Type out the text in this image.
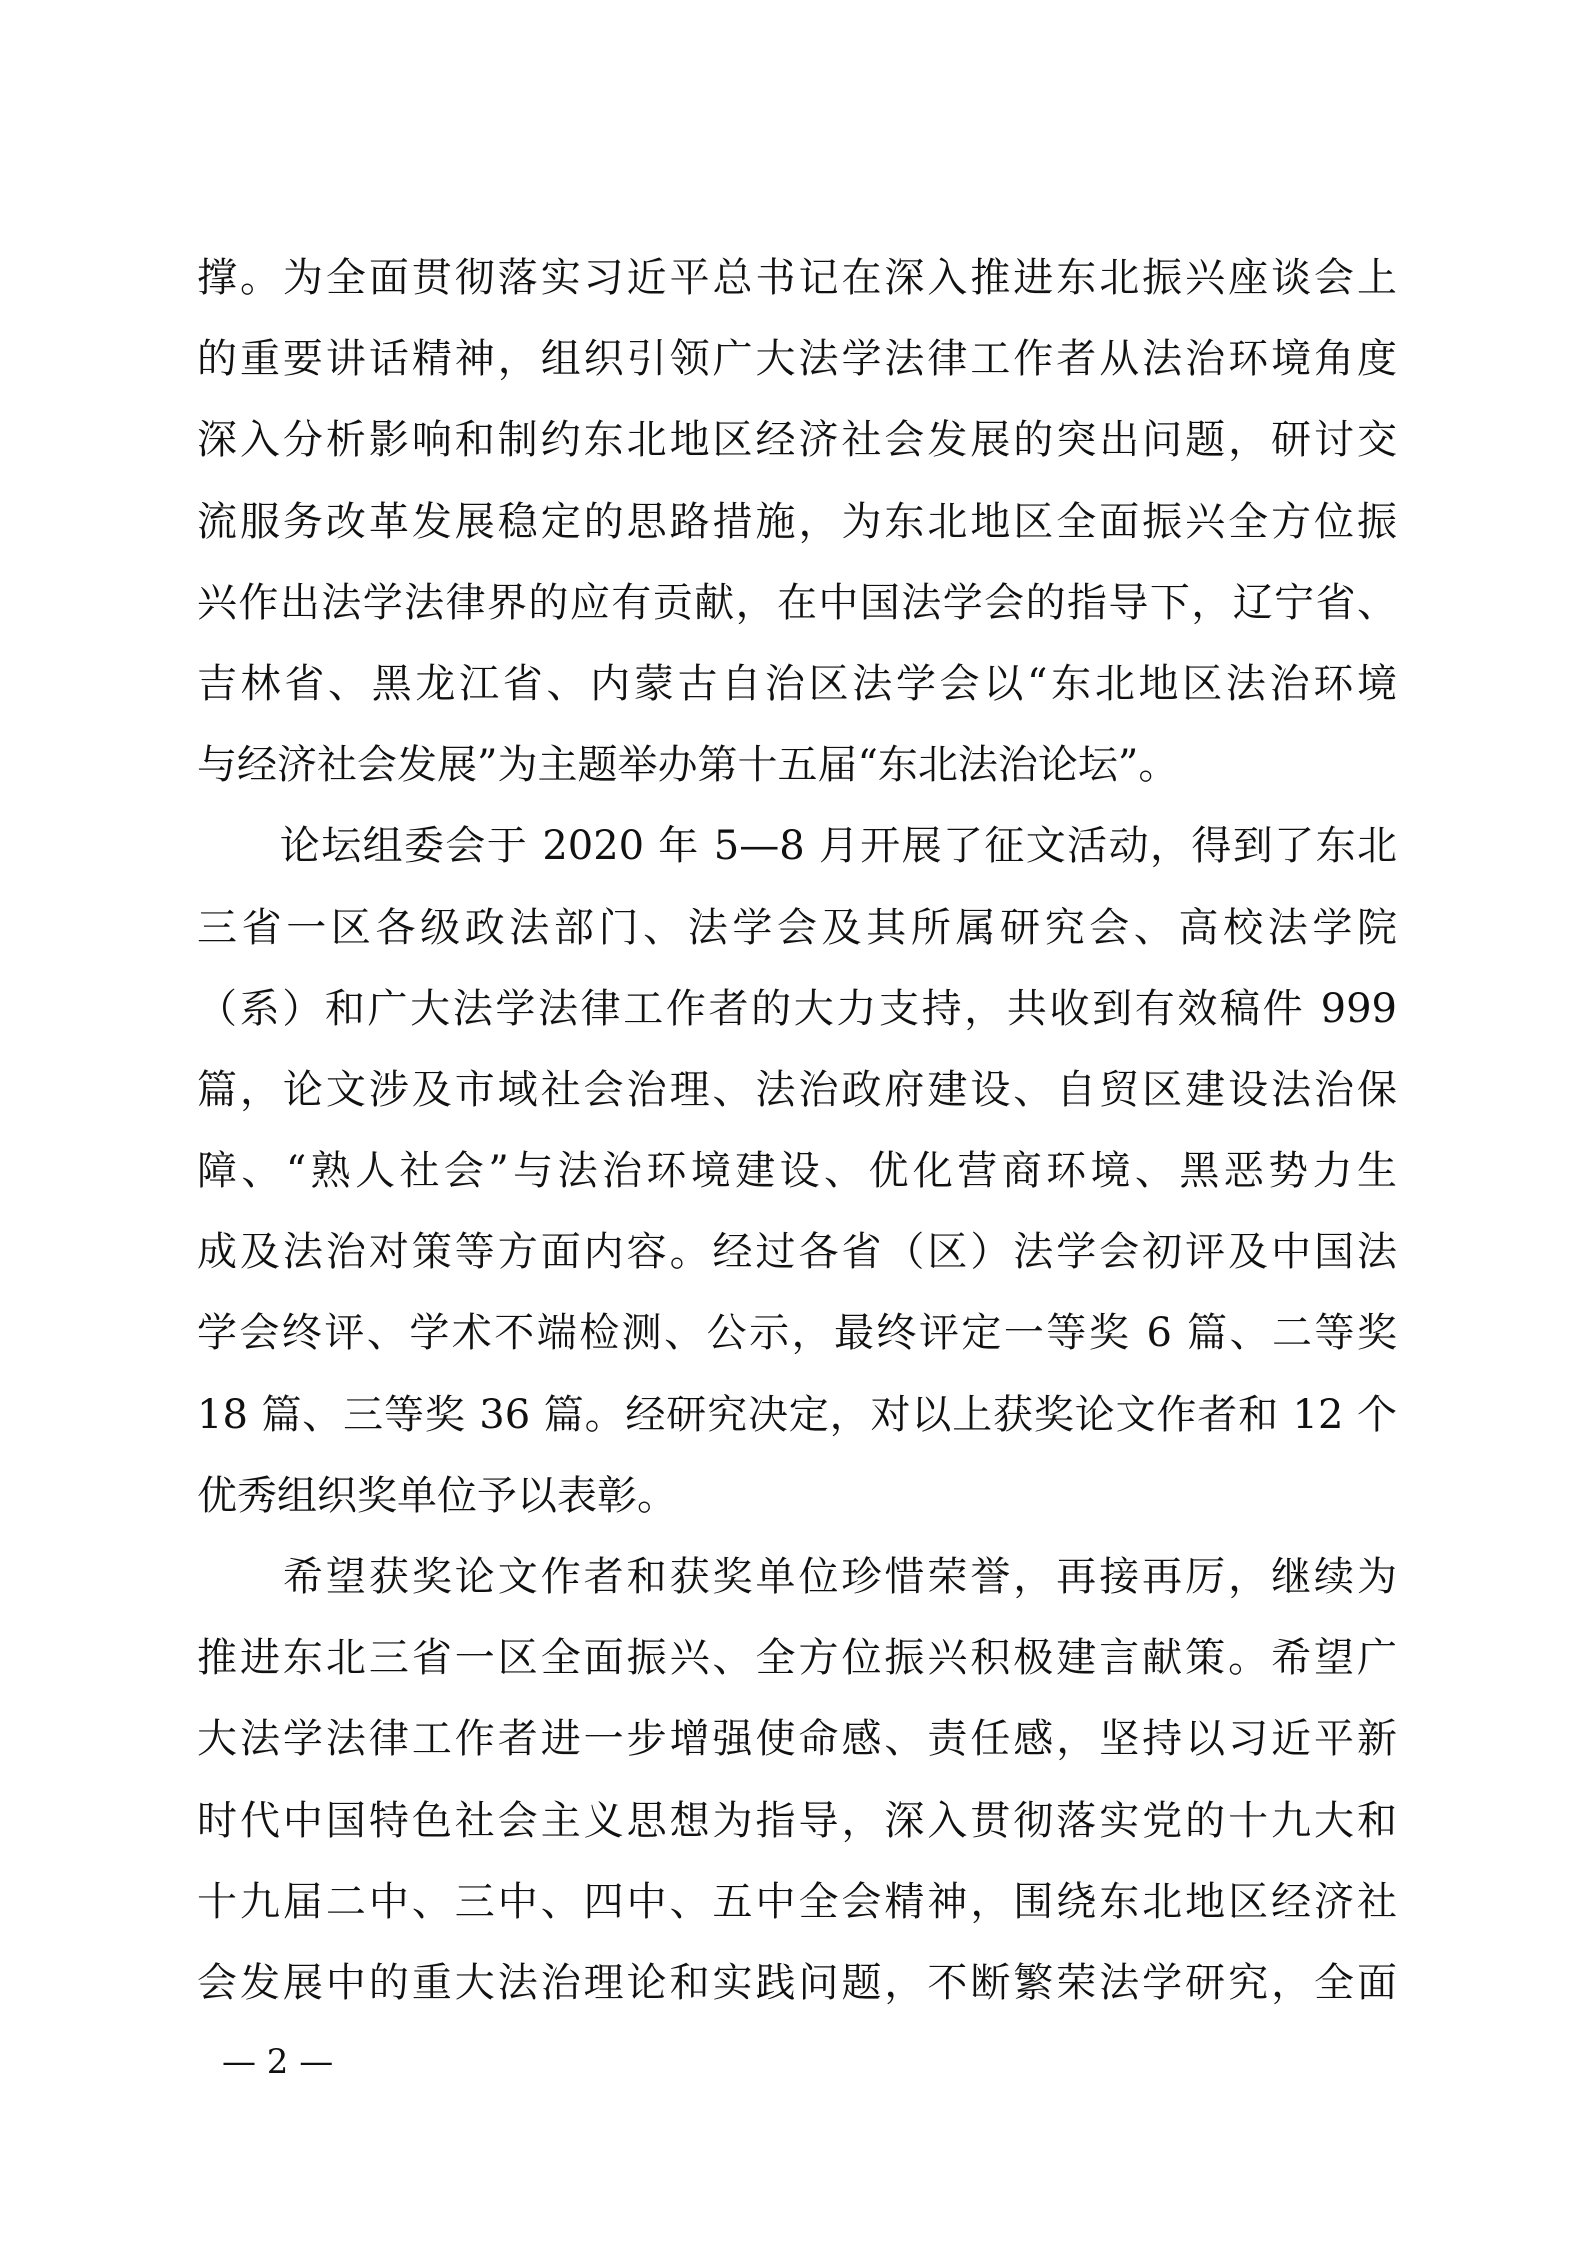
撑。为全面贯彻落实习近平总书记在深入推进东北振兴座谈会上
的重要讲话精神，组织引领广大法学法律工作者从法治环境角度
深入分析影响和制约东北地区经济社会发展的突出问题，研讨交
流服务改革发展稳定的思路措施，为东北地区全面振兴全方位振
兴作出法学法律界的应有贡献，在中国法学会的指导下，辽宁省、
吉林省、黑龙江省、内蒙古自治区法学会以“东北地区法治环境
与经济社会发展”为主题举办第十五届“东北法治论坛”。
　　论坛组委会于 2020 年 5—8 月开展了征文活动，得到了东北
三省一区各级政法部门、法学会及其所属研究会、高校法学院
（系）和广大法学法律工作者的大力支持，共收到有效稿件 999
篇，论文涉及市域社会治理、法治政府建设、自贸区建设法治保
障、“熟人社会”与法治环境建设、优化营商环境、黑恶势力生
成及法治对策等方面内容。经过各省（区）法学会初评及中国法
学会终评、学术不端检测、公示，最终评定一等奖 6 篇、二等奖
18 篇、三等奖 36 篇。经研究决定，对以上获奖论文作者和 12 个
优秀组织奖单位予以表彰。
　　希望获奖论文作者和获奖单位珍惜荣誉，再接再厉，继续为
推进东北三省一区全面振兴、全方位振兴积极建言献策。希望广
大法学法律工作者进一步增强使命感、责任感，坚持以习近平新
时代中国特色社会主义思想为指导，深入贯彻落实党的十九大和
十九届二中、三中、四中、五中全会精神，围绕东北地区经济社
会发展中的重大法治理论和实践问题，不断繁荣法学研究，全面
— 2 —
